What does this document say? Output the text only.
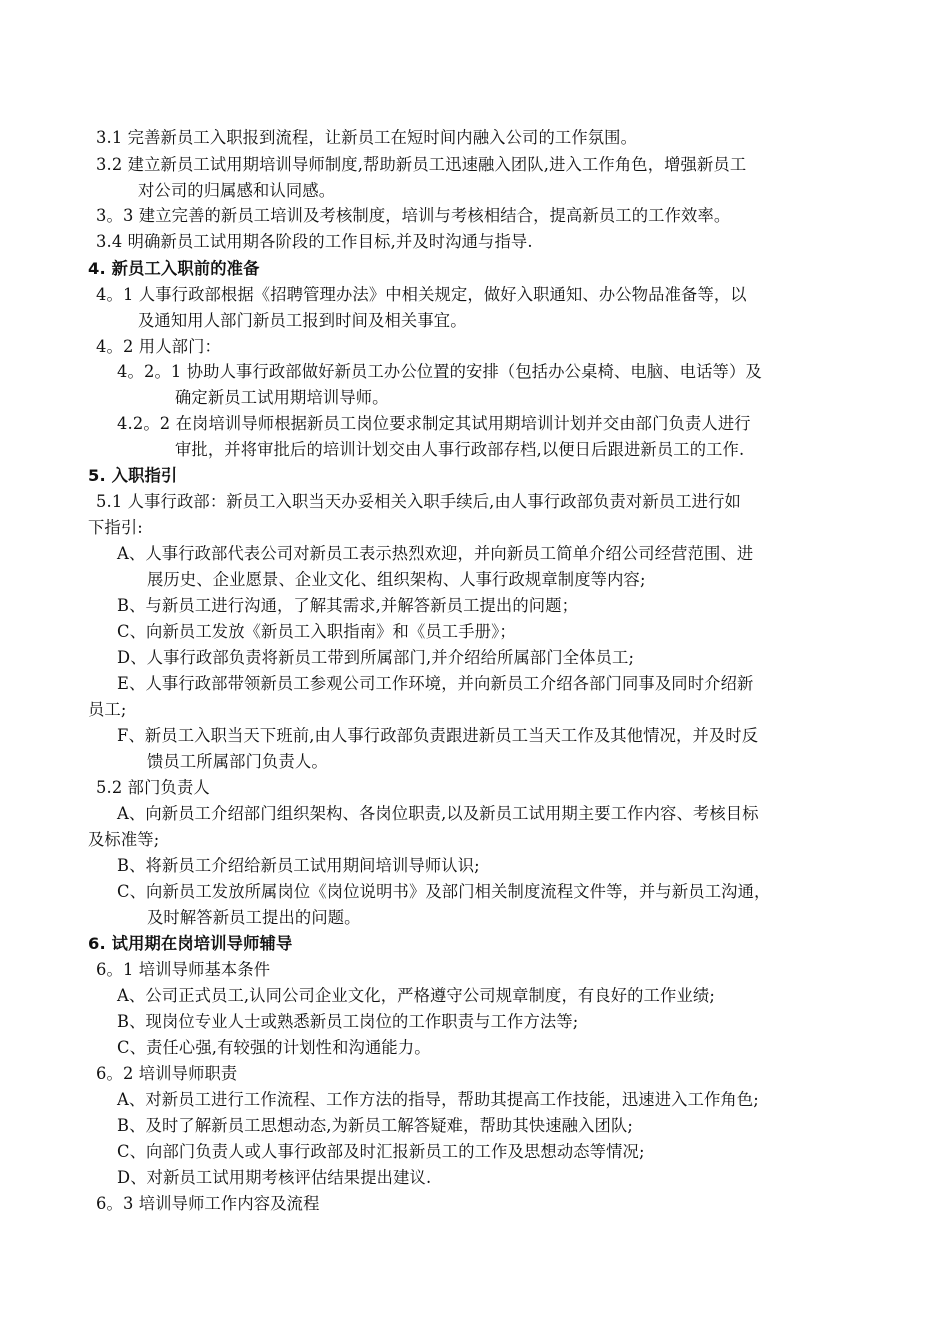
3.1 完善新员工入职报到流程，让新员工在短时间内融入公司的工作氛围。
3.2 建立新员工试用期培训导师制度,帮助新员工迅速融入团队,进入工作角色，增强新员工
对公司的归属感和认同感。
3。3 建立完善的新员工培训及考核制度，培训与考核相结合，提高新员工的工作效率。
3.4 明确新员工试用期各阶段的工作目标,并及时沟通与指导.
4. 新员工入职前的准备
4。1 人事行政部根据《招聘管理办法》中相关规定，做好入职通知、办公物品准备等，以
及通知用人部门新员工报到时间及相关事宜。
4。2 用人部门：
4。2。1 协助人事行政部做好新员工办公位置的安排（包括办公桌椅、电脑、电话等）及
确定新员工试用期培训导师。
4.2。2 在岗培训导师根据新员工岗位要求制定其试用期培训计划并交由部门负责人进行
审批，并将审批后的培训计划交由人事行政部存档,以便日后跟进新员工的工作.
5. 入职指引
5.1 人事行政部：新员工入职当天办妥相关入职手续后,由人事行政部负责对新员工进行如
下指引:
A、人事行政部代表公司对新员工表示热烈欢迎，并向新员工简单介绍公司经营范围、进
展历史、企业愿景、企业文化、组织架构、人事行政规章制度等内容;
B、与新员工进行沟通，了解其需求,并解答新员工提出的问题；
C、向新员工发放《新员工入职指南》和《员工手册》；
D、人事行政部负责将新员工带到所属部门,并介绍给所属部门全体员工;
E、人事行政部带领新员工参观公司工作环境，并向新员工介绍各部门同事及同时介绍新
员工;
F、新员工入职当天下班前,由人事行政部负责跟进新员工当天工作及其他情况，并及时反
馈员工所属部门负责人。
5.2 部门负责人
A、向新员工介绍部门组织架构、各岗位职责,以及新员工试用期主要工作内容、考核目标
及标准等;
B、将新员工介绍给新员工试用期间培训导师认识;
C、向新员工发放所属岗位《岗位说明书》及部门相关制度流程文件等，并与新员工沟通，
及时解答新员工提出的问题。
6. 试用期在岗培训导师辅导
6。1 培训导师基本条件
A、公司正式员工,认同公司企业文化，严格遵守公司规章制度，有良好的工作业绩;
B、现岗位专业人士或熟悉新员工岗位的工作职责与工作方法等;
C、责任心强,有较强的计划性和沟通能力。
6。2 培训导师职责
A、对新员工进行工作流程、工作方法的指导，帮助其提高工作技能，迅速进入工作角色;
B、及时了解新员工思想动态,为新员工解答疑难，帮助其快速融入团队;
C、向部门负责人或人事行政部及时汇报新员工的工作及思想动态等情况;
D、对新员工试用期考核评估结果提出建议.
6。3 培训导师工作内容及流程
